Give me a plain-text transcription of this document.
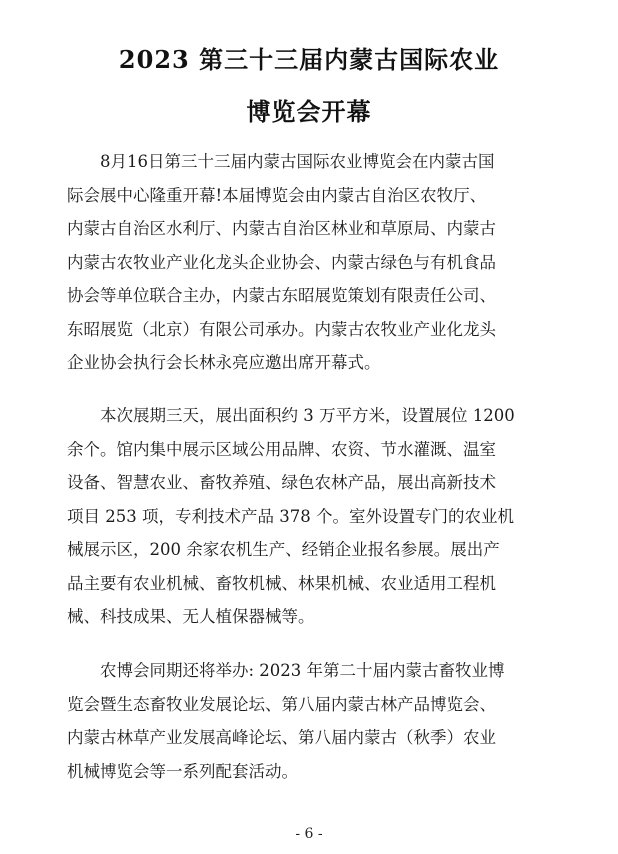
2023 第三十三届内蒙古国际农业
博览会开幕
8月16日第三十三届内蒙古国际农业博览会在内蒙古国
际会展中心隆重开幕!本届博览会由内蒙古自治区农牧厅、
内蒙古自治区水利厅、内蒙古自治区林业和草原局、内蒙古
内蒙古农牧业产业化龙头企业协会、内蒙古绿色与有机食品
协会等单位联合主办，内蒙古东昭展览策划有限责任公司、
东昭展览（北京）有限公司承办。内蒙古农牧业产业化龙头
企业协会执行会长林永亮应邀出席开幕式。
本次展期三天，展出面积约 3 万平方米，设置展位 1200
余个。馆内集中展示区域公用品牌、农资、节水灌溉、温室
设备、智慧农业、畜牧养殖、绿色农林产品，展出高新技术
项目 253 项，专利技术产品 378 个。室外设置专门的农业机
械展示区，200 余家农机生产、经销企业报名参展。展出产
品主要有农业机械、畜牧机械、林果机械、农业适用工程机
械、科技成果、无人植保器械等。
农博会同期还将举办: 2023 年第二十届内蒙古畜牧业博
览会暨生态畜牧业发展论坛、第八届内蒙古林产品博览会、
内蒙古林草产业发展高峰论坛、第八届内蒙古（秋季）农业
机械博览会等一系列配套活动。
- 6 -
